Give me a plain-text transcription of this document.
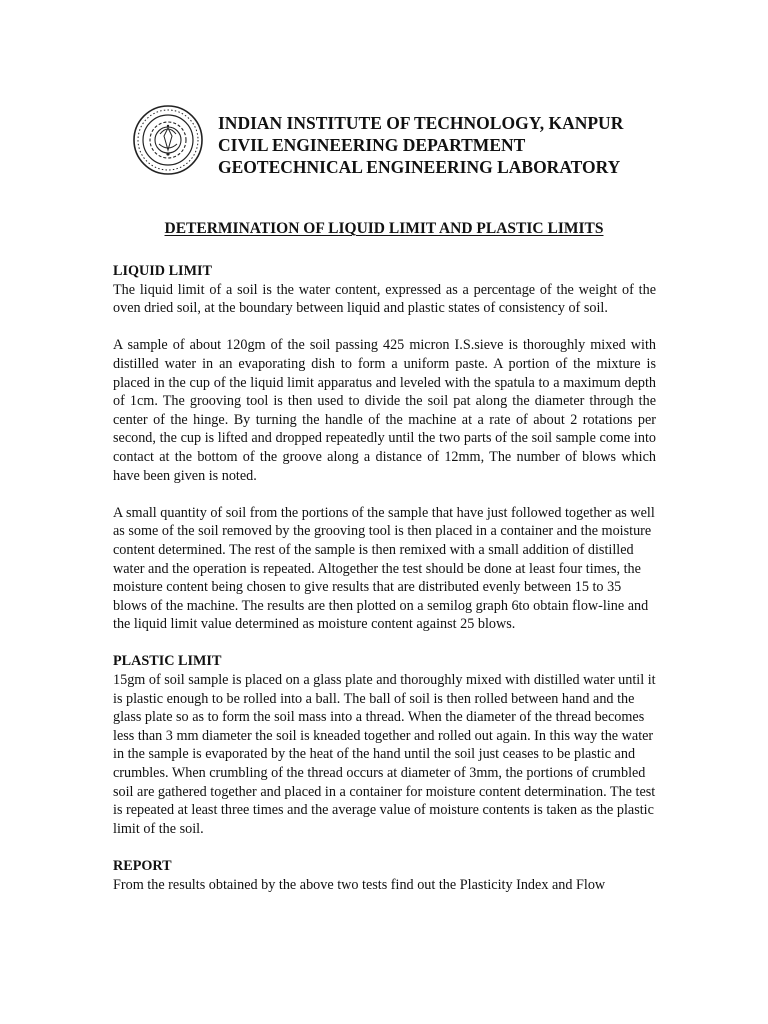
INDIAN INSTITUTE OF TECHNOLOGY, KANPUR
CIVIL ENGINEERING DEPARTMENT
GEOTECHNICAL ENGINEERING LABORATORY
DETERMINATION OF LIQUID LIMIT AND PLASTIC LIMITS

LIQUID LIMIT

The liquid limit of a soil is the water content, expressed as a percentage of the weight of the oven dried soil, at the boundary between liquid and plastic states of consistency of soil.

A sample of about 120gm of the soil passing 425 micron I.S.sieve is thoroughly mixed with distilled water in an evaporating dish to form a uniform paste. A portion of the mixture is placed in the cup of the liquid limit apparatus and leveled with the spatula to a maximum depth of 1cm. The grooving tool is then used to divide the soil pat along the diameter through the center of the hinge. By turning the handle of the machine at a rate of about 2 rotations per second, the cup is lifted and dropped repeatedly until the two parts of the soil sample come into contact at the bottom of the groove along a distance of 12mm, The number of blows which have been given is noted.

A small quantity of soil from the portions of the sample that have just followed together as well as some of the soil removed by the grooving tool is then placed in a container and the moisture content determined. The rest of the sample is then remixed with a small addition of distilled water and the operation is repeated. Altogether the test should be done at least four times, the moisture content being chosen to give results that are distributed evenly between 15 to 35 blows of the machine. The results are then plotted on a semilog graph 6to obtain flow-line and the liquid limit value determined as moisture content against 25 blows.

PLASTIC LIMIT

15gm of soil sample is placed on a glass plate and thoroughly mixed with distilled water until it is plastic enough to be rolled into a ball. The ball of soil is then rolled between hand and the glass plate so as to form the soil mass into a thread. When the diameter of the thread becomes less than 3 mm diameter the soil is kneaded together and rolled out again. In this way the water in the sample is evaporated by the heat of the hand until the soil just ceases to be plastic and crumbles. When crumbling of the thread occurs at diameter of 3mm, the portions of crumbled soil are gathered together and placed in a container for moisture content determination. The test is repeated at least three times and the average value of moisture contents is taken as the plastic limit of the soil.

REPORT

From the results obtained by the above two tests find out the Plasticity Index and Flow
